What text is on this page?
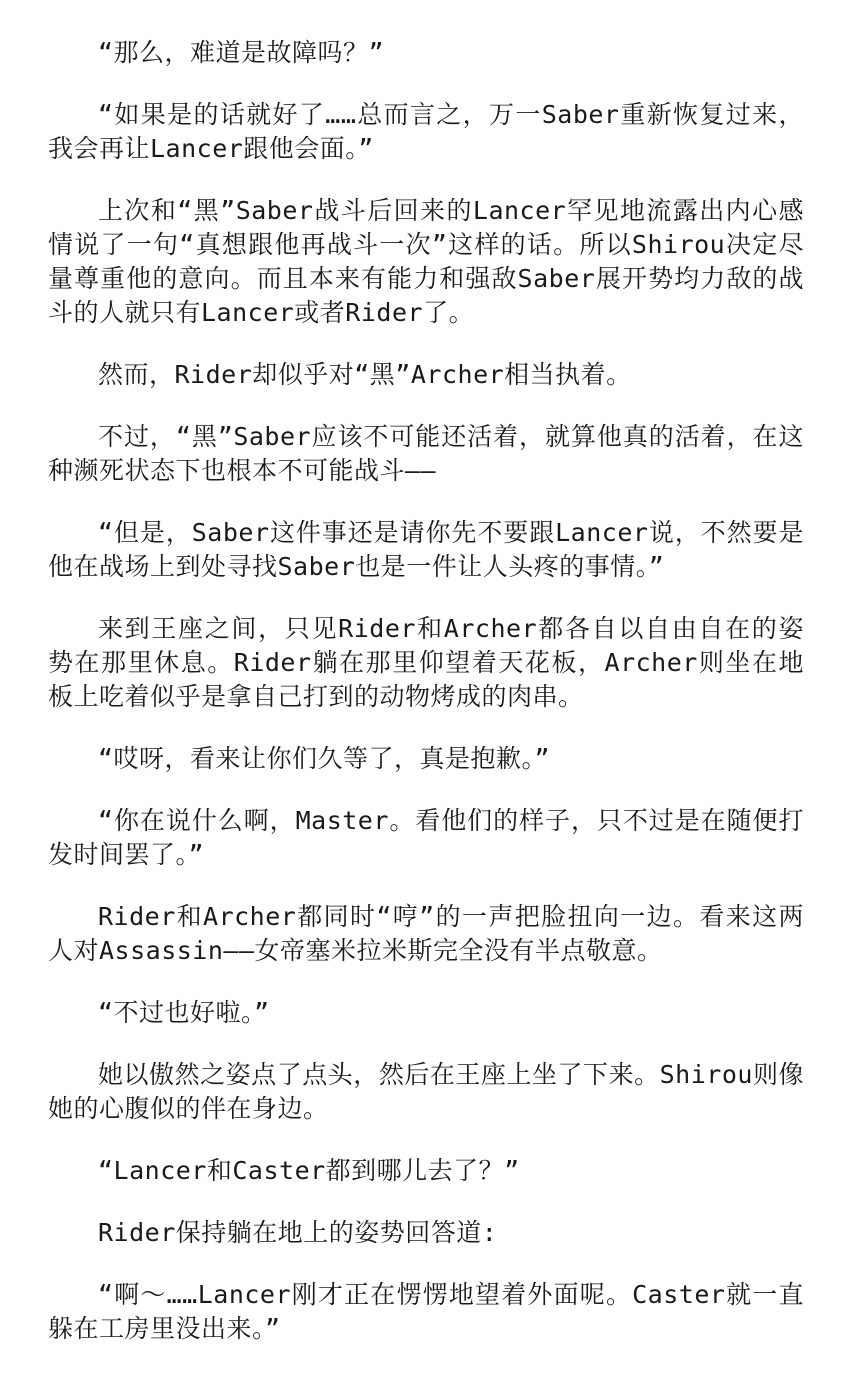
“那么，难道是故障吗？”

“如果是的话就好了……总而言之，万一Saber重新恢复过来，我会再让Lancer跟他会面。”

上次和“黑”Saber战斗后回来的Lancer罕见地流露出内心感情说了一句“真想跟他再战斗一次”这样的话。所以Shirou决定尽量尊重他的意向。而且本来有能力和强敌Saber展开势均力敌的战斗的人就只有Lancer或者Rider了。

然而，Rider却似乎对“黑”Archer相当执着。

不过，“黑”Saber应该不可能还活着，就算他真的活着，在这种濒死状态下也根本不可能战斗——

“但是，Saber这件事还是请你先不要跟Lancer说，不然要是他在战场上到处寻找Saber也是一件让人头疼的事情。”

来到王座之间，只见Rider和Archer都各自以自由自在的姿势在那里休息。Rider躺在那里仰望着天花板，Archer则坐在地板上吃着似乎是拿自己打到的动物烤成的肉串。

“哎呀，看来让你们久等了，真是抱歉。”

“你在说什么啊，Master。看他们的样子，只不过是在随便打发时间罢了。”

Rider和Archer都同时“哼”的一声把脸扭向一边。看来这两人对Assassin——女帝塞米拉米斯完全没有半点敬意。

“不过也好啦。”

她以傲然之姿点了点头，然后在王座上坐了下来。Shirou则像她的心腹似的伴在身边。

“Lancer和Caster都到哪儿去了？”

Rider保持躺在地上的姿势回答道:

“啊～……Lancer刚才正在愣愣地望着外面呢。Caster就一直躲在工房里没出来。”
